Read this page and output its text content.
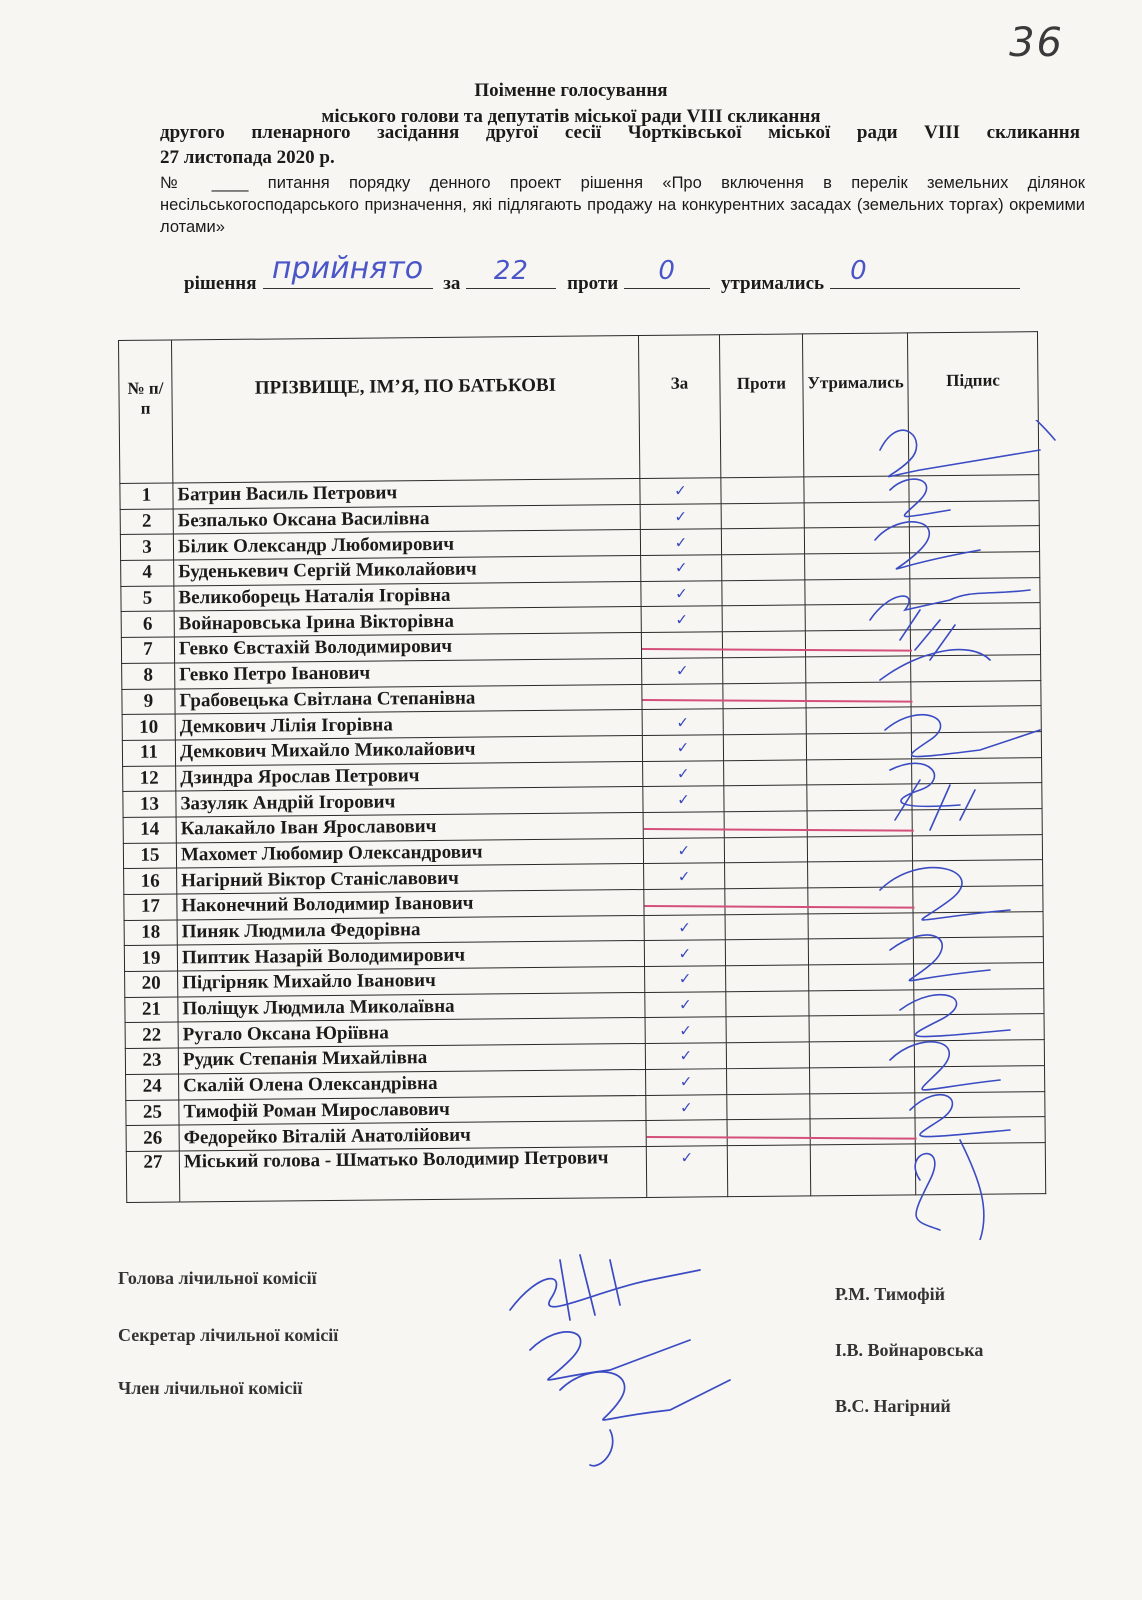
36
Поіменне голосування
міського голови та депутатів міської ради VIII скликання
другого пленарного засідання другої сесії Чортківської міської ради VIII скликання
27 листопада 2020 р.
№ ____ питання порядку денного проект рішення «Про включення в перелік земельних ділянок несільськогосподарського призначення, які підлягають продажу на конкурентних засадах (земельних торгах) окремими лотами»
рішення прийнято	за	22	проти	0	утримались	0
№ п/п	ПРІЗВИЩЕ, ІМ’Я, ПО БАТЬКОВІ	За	Проти	Утримались	Підпис
1	Батрин Василь Петрович	✓			
2	Безпалько Оксана Василівна	✓			
3	Білик Олександр Любомирович	✓			
4	Буденькевич Сергій Миколайович	✓			
5	Великоборець Наталія Ігорівна	✓			
6	Войнаровська Ірина Вікторівна	✓			
7	Гевко Євстахій Володимирович	

8	Гевко Петро Іванович	✓			
9	Грабовецька Світлана Степанівна	

10	Демкович Лілія Ігорівна	✓			
11	Демкович Михайло Миколайович	✓			
12	Дзиндра Ярослав Петрович	✓			
13	Зазуляк Андрій Ігорович	✓			
14	Калакайло Іван Ярославович	

15	Махомет Любомир Олександрович	✓			
16	Нагірний Віктор Станіславович	✓			
17	Наконечний Володимир Іванович	

18	Пиняк Людмила Федорівна	✓			
19	Пиптик Назарій Володимирович	✓			
20	Підгірняк Михайло Іванович	✓			
21	Поліщук Людмила Миколаївна	✓			
22	Ругало Оксана Юріївна	✓			
23	Рудик Степанія Михайлівна	✓			
24	Скалій Олена Олександрівна	✓			
25	Тимофій Роман Мирославович	✓			
26	Федорейко Віталій Анатолійович	

27	Міський голова - Шматько Володимир Петрович	✓			
Голова лічильної комісії
Секретар лічильної комісії
Член лічильної комісії
Р.М. Тимофій
І.В. Войнаровська
В.С. Нагірний
